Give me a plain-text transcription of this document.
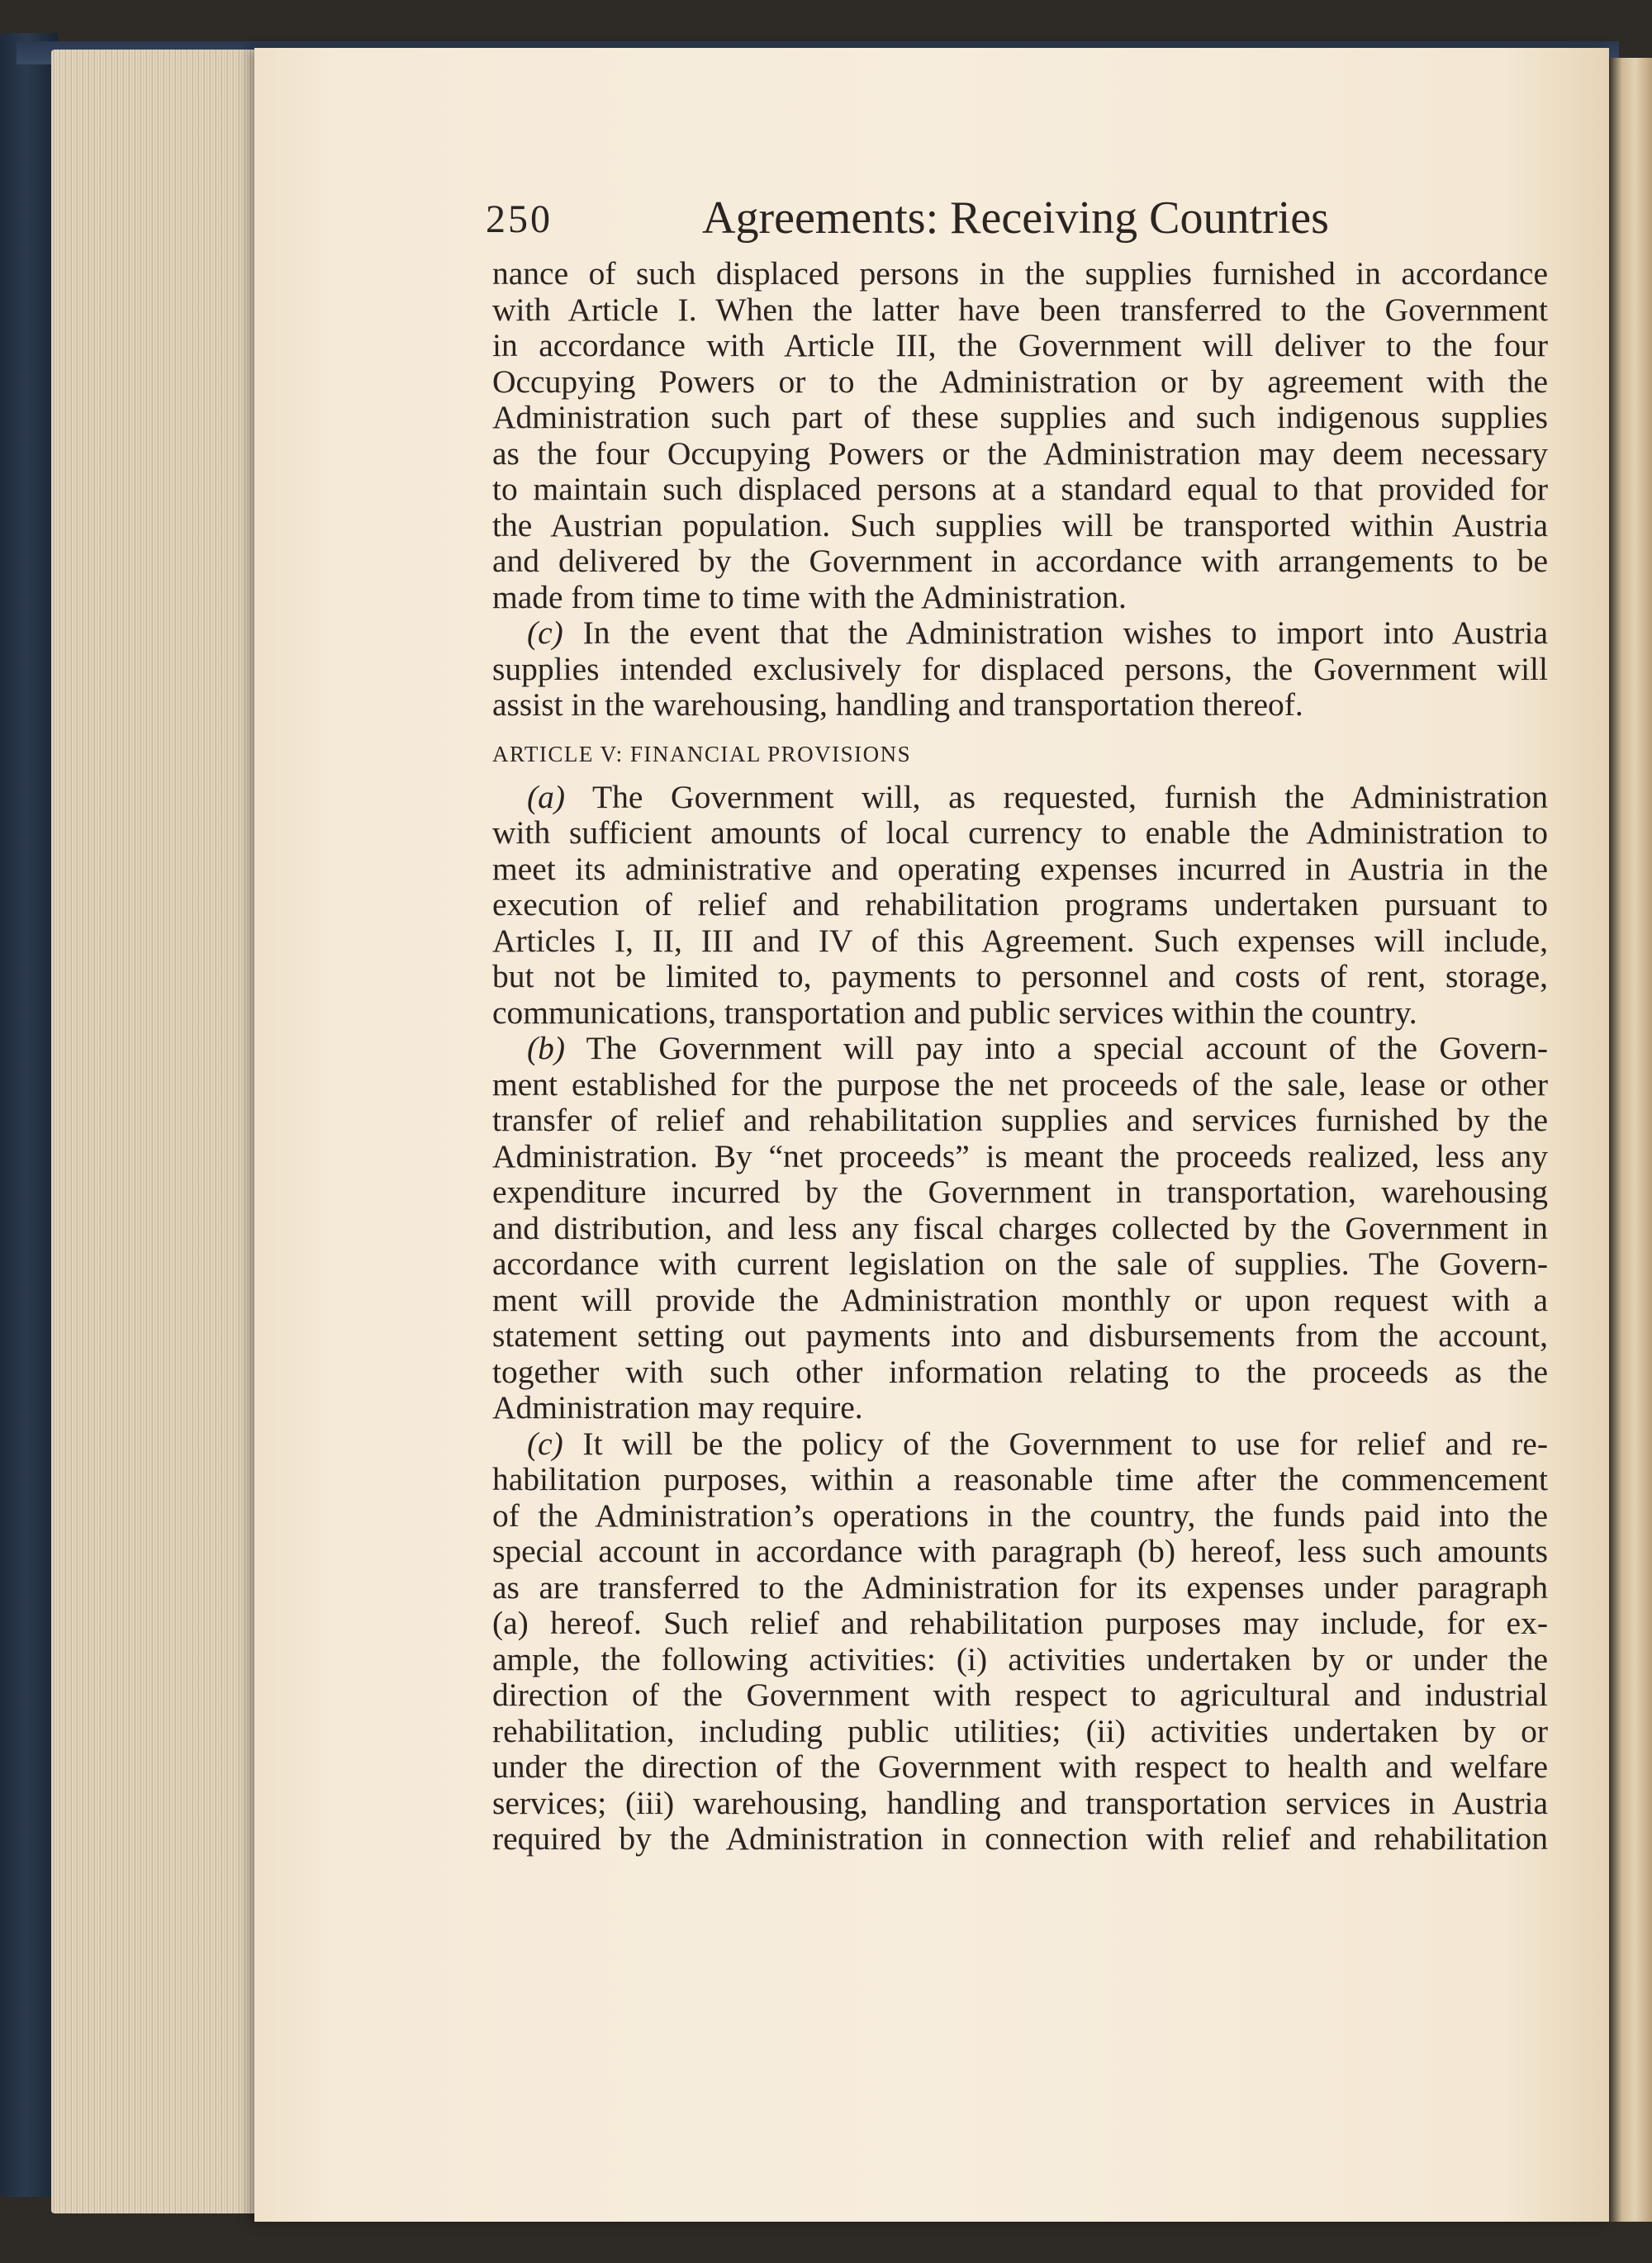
250	Agreements: Receiving Countries

nance of such displaced persons in the supplies furnished in accordance
with Article I. When the latter have been transferred to the Government
in accordance with Article III, the Government will deliver to the four
Occupying Powers or to the Administration or by agreement with the
Administration such part of these supplies and such indigenous supplies
as the four Occupying Powers or the Administration may deem necessary
to maintain such displaced persons at a standard equal to that provided for
the Austrian population. Such supplies will be transported within Austria
and delivered by the Government in accordance with arrangements to be
made from time to time with the Administration.

(c) In the event that the Administration wishes to import into Austria
supplies intended exclusively for displaced persons, the Government will
assist in the warehousing, handling and transportation thereof.

ARTICLE V: FINANCIAL PROVISIONS

(a) The Government will, as requested, furnish the Administration
with sufficient amounts of local currency to enable the Administration to
meet its administrative and operating expenses incurred in Austria in the
execution of relief and rehabilitation programs undertaken pursuant to
Articles I, II, III and IV of this Agreement. Such expenses will include,
but not be limited to, payments to personnel and costs of rent, storage,
communications, transportation and public services within the country.

(b) The Government will pay into a special account of the Govern-
ment established for the purpose the net proceeds of the sale, lease or other
transfer of relief and rehabilitation supplies and services furnished by the
Administration. By “net proceeds” is meant the proceeds realized, less any
expenditure incurred by the Government in transportation, warehousing
and distribution, and less any fiscal charges collected by the Government in
accordance with current legislation on the sale of supplies. The Govern-
ment will provide the Administration monthly or upon request with a
statement setting out payments into and disbursements from the account,
together with such other information relating to the proceeds as the
Administration may require.

(c) It will be the policy of the Government to use for relief and re-
habilitation purposes, within a reasonable time after the commencement
of the Administration’s operations in the country, the funds paid into the
special account in accordance with paragraph (b) hereof, less such amounts
as are transferred to the Administration for its expenses under paragraph
(a) hereof. Such relief and rehabilitation purposes may include, for ex-
ample, the following activities: (i) activities undertaken by or under the
direction of the Government with respect to agricultural and industrial
rehabilitation, including public utilities; (ii) activities undertaken by or
under the direction of the Government with respect to health and welfare
services; (iii) warehousing, handling and transportation services in Austria
required by the Administration in connection with relief and rehabilitation
